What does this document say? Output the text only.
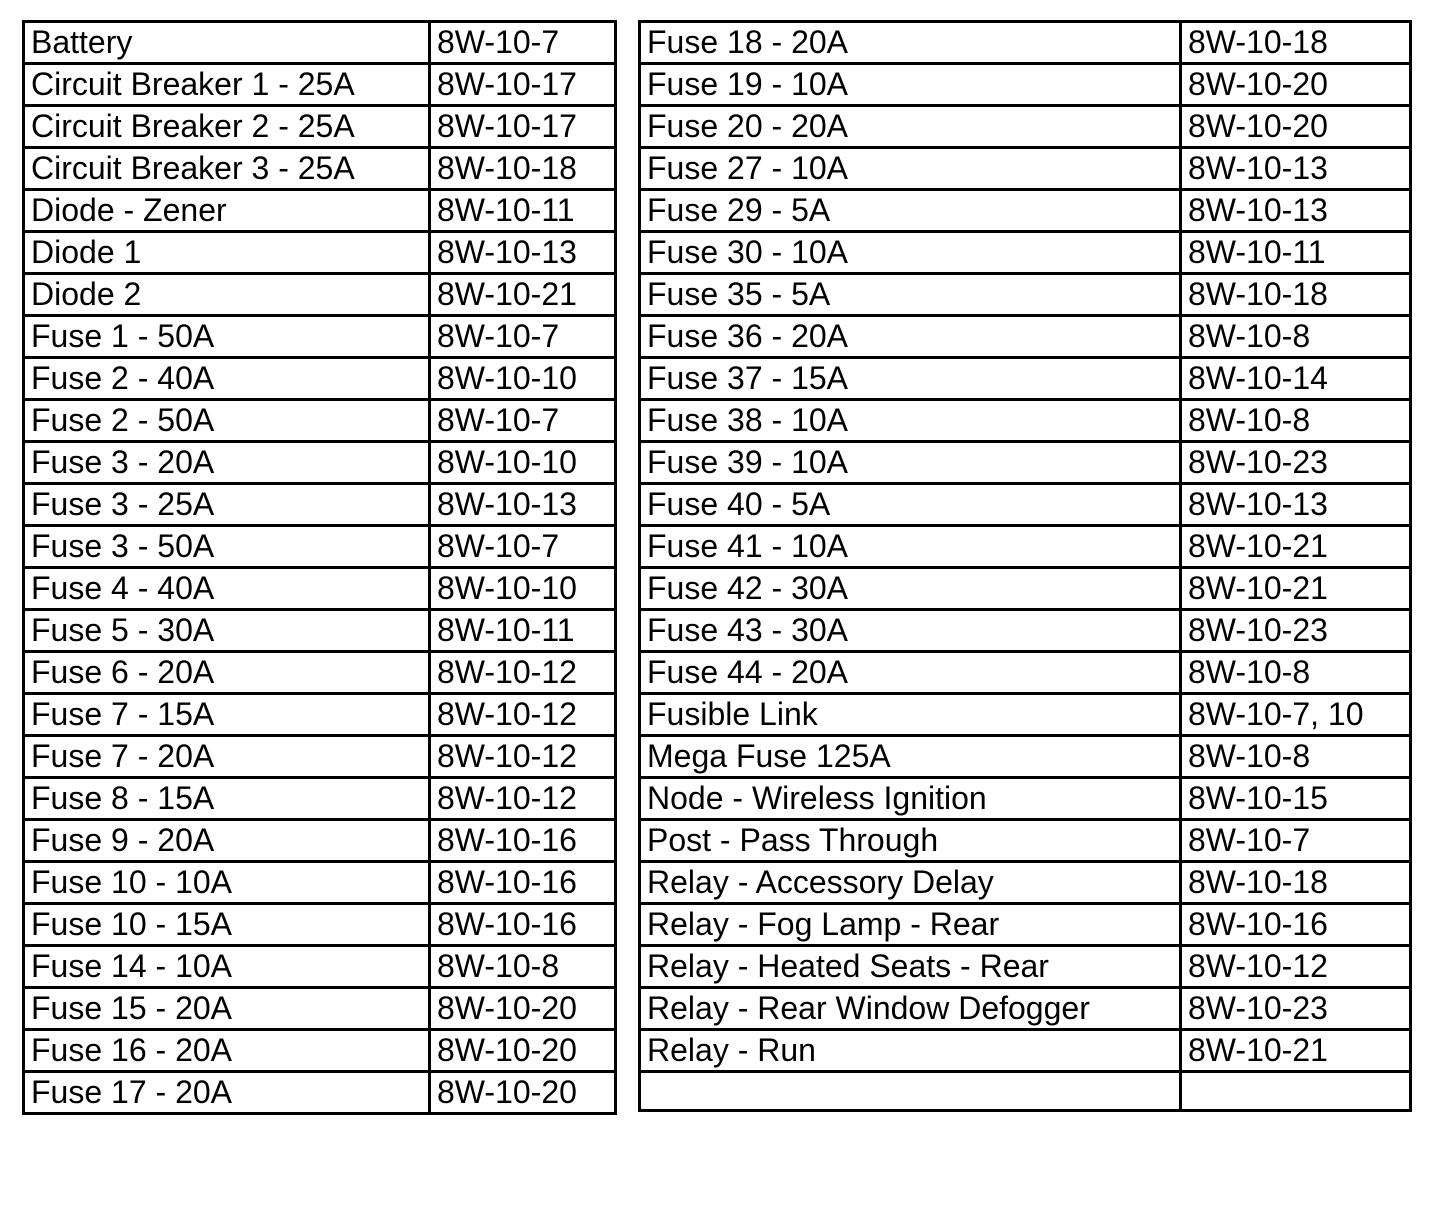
Battery	8W-10-7
Circuit Breaker 1 - 25A	8W-10-17
Circuit Breaker 2 - 25A	8W-10-17
Circuit Breaker 3 - 25A	8W-10-18
Diode - Zener	8W-10-11
Diode 1	8W-10-13
Diode 2	8W-10-21
Fuse 1 - 50A	8W-10-7
Fuse 2 - 40A	8W-10-10
Fuse 2 - 50A	8W-10-7
Fuse 3 - 20A	8W-10-10
Fuse 3 - 25A	8W-10-13
Fuse 3 - 50A	8W-10-7
Fuse 4 - 40A	8W-10-10
Fuse 5 - 30A	8W-10-11
Fuse 6 - 20A	8W-10-12
Fuse 7 - 15A	8W-10-12
Fuse 7 - 20A	8W-10-12
Fuse 8 - 15A	8W-10-12
Fuse 9 - 20A	8W-10-16
Fuse 10 - 10A	8W-10-16
Fuse 10 - 15A	8W-10-16
Fuse 14 - 10A	8W-10-8
Fuse 15 - 20A	8W-10-20
Fuse 16 - 20A	8W-10-20
Fuse 17 - 20A	8W-10-20
Fuse 18 - 20A	8W-10-18
Fuse 19 - 10A	8W-10-20
Fuse 20 - 20A	8W-10-20
Fuse 27 - 10A	8W-10-13
Fuse 29 - 5A	8W-10-13
Fuse 30 - 10A	8W-10-11
Fuse 35 - 5A	8W-10-18
Fuse 36 - 20A	8W-10-8
Fuse 37 - 15A	8W-10-14
Fuse 38 - 10A	8W-10-8
Fuse 39 - 10A	8W-10-23
Fuse 40 - 5A	8W-10-13
Fuse 41 - 10A	8W-10-21
Fuse 42 - 30A	8W-10-21
Fuse 43 - 30A	8W-10-23
Fuse 44 - 20A	8W-10-8
Fusible Link	8W-10-7, 10
Mega Fuse 125A	8W-10-8
Node - Wireless Ignition	8W-10-15
Post - Pass Through	8W-10-7
Relay - Accessory Delay	8W-10-18
Relay - Fog Lamp - Rear	8W-10-16
Relay - Heated Seats - Rear	8W-10-12
Relay - Rear Window Defogger	8W-10-23
Relay - Run	8W-10-21
